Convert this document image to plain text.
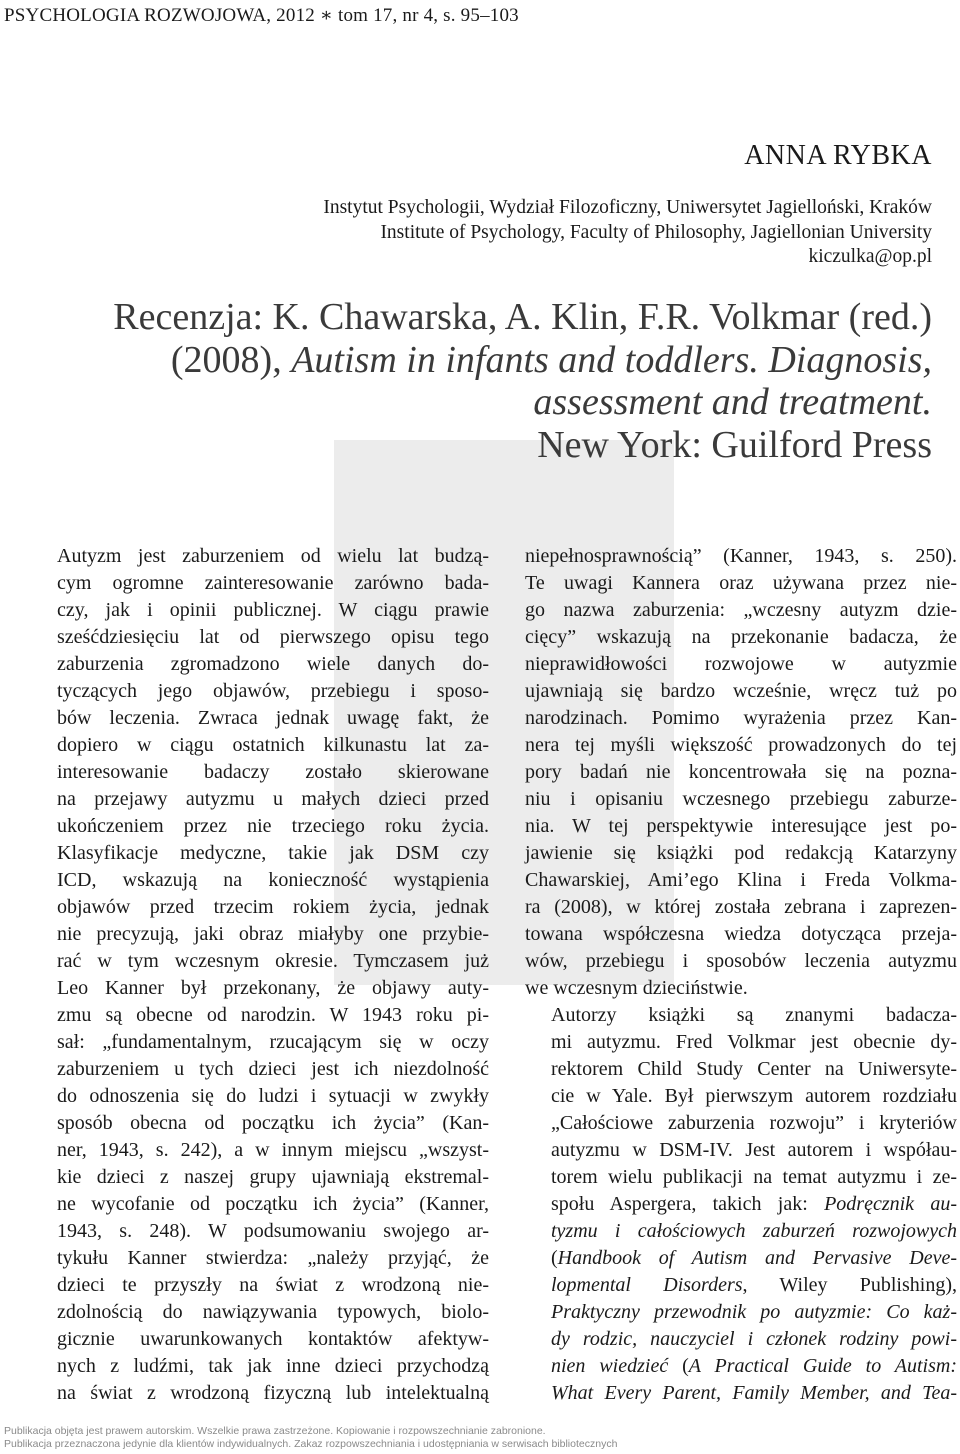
PSYCHOLOGIA ROZWOJOWA, 2012 ∗ tom 17, nr 4, s. 95–103
ANNA RYBKA
Instytut Psychologii, Wydział Filozoficzny, Uniwersytet Jagielloński, Kraków
Institute of Psychology, Faculty of Philosophy, Jagiellonian University
kiczulka@op.pl
Recenzja: K. Chawarska, A. Klin, F.R. Volkmar (red.)
(2008), Autism in infants and toddlers. Diagnosis,
assessment and treatment.
New York: Guilford Press

Autyzm jest zaburzeniem od wielu lat budzą-
cym ogromne zainteresowanie zarówno bada-
czy, jak i opinii publicznej. W ciągu prawie
sześćdziesięciu lat od pierwszego opisu tego
zaburzenia zgromadzono wiele danych do-
tyczących jego objawów, przebiegu i sposo-
bów leczenia. Zwraca jednak uwagę fakt, że
dopiero w ciągu ostatnich kilkunastu lat za-
interesowanie badaczy zostało skierowane
na przejawy autyzmu u małych dzieci przed
ukończeniem przez nie trzeciego roku życia.
Klasyfikacje medyczne, takie jak DSM czy
ICD, wskazują na konieczność wystąpienia
objawów przed trzecim rokiem życia, jednak
nie precyzują, jaki obraz miałyby one przybie-
rać w tym wczesnym okresie. Tymczasem już
Leo Kanner był przekonany, że objawy auty-
zmu są obecne od narodzin. W 1943 roku pi-
sał: „fundamentalnym, rzucającym się w oczy
zaburzeniem u tych dzieci jest ich niezdolność
do odnoszenia się do ludzi i sytuacji w zwykły
sposób obecna od początku ich życia” (Kan-
ner, 1943, s. 242), a w innym miejscu „wszyst-
kie dzieci z naszej grupy ujawniają ekstremal-
ne wycofanie od początku ich życia” (Kanner,
1943, s. 248). W podsumowaniu swojego ar-
tykułu Kanner stwierdza: „należy przyjąć, że
dzieci te przyszły na świat z wrodzoną nie-
zdolnością do nawiązywania typowych, biolo-
gicznie uwarunkowanych kontaktów afektyw-
nych z ludźmi, tak jak inne dzieci przychodzą
na świat z wrodzoną fizyczną lub intelektualną

niepełnosprawnością” (Kanner, 1943, s. 250).
Te uwagi Kannera oraz używana przez nie-
go nazwa zaburzenia: „wczesny autyzm dzie-
cięcy” wskazują na przekonanie badacza, że
nieprawidłowości rozwojowe w autyzmie
ujawniają się bardzo wcześnie, wręcz tuż po
narodzinach. Pomimo wyrażenia przez Kan-
nera tej myśli większość prowadzonych do tej
pory badań nie koncentrowała się na pozna-
niu i opisaniu wczesnego przebiegu zaburze-
nia. W tej perspektywie interesujące jest po-
jawienie się książki pod redakcją Katarzyny
Chawarskiej, Ami’ego Klina i Freda Volkma-
ra (2008), w której została zebrana i zaprezen-
towana współczesna wiedza dotycząca przeja-
wów, przebiegu i sposobów leczenia autyzmu
we wczesnym dzieciństwie.

Autorzy książki są znanymi badacza-
mi autyzmu. Fred Volkmar jest obecnie dy-
rektorem Child Study Center na Uniwersyte-
cie w Yale. Był pierwszym autorem rozdziału
„Całościowe zaburzenia rozwoju” i kryteriów
autyzmu w DSM-IV. Jest autorem i współau-
torem wielu publikacji na temat autyzmu i ze-
społu Aspergera, takich jak: Podręcznik au-
tyzmu i całościowych zaburzeń rozwojowych
(Handbook of Autism and Pervasive Deve-
lopmental Disorders, Wiley Publishing),
Praktyczny przewodnik po autyzmie: Co każ-
dy rodzic, nauczyciel i członek rodziny powi-
nien wiedzieć (A Practical Guide to Autism:
What Every Parent, Family Member, and Tea-

Publikacja objęta jest prawem autorskim. Wszelkie prawa zastrzeżone. Kopiowanie i rozpowszechnianie zabronione.
Publikacja przeznaczona jedynie dla klientów indywidualnych. Zakaz rozpowszechniania i udostępniania w serwisach bibliotecznych
